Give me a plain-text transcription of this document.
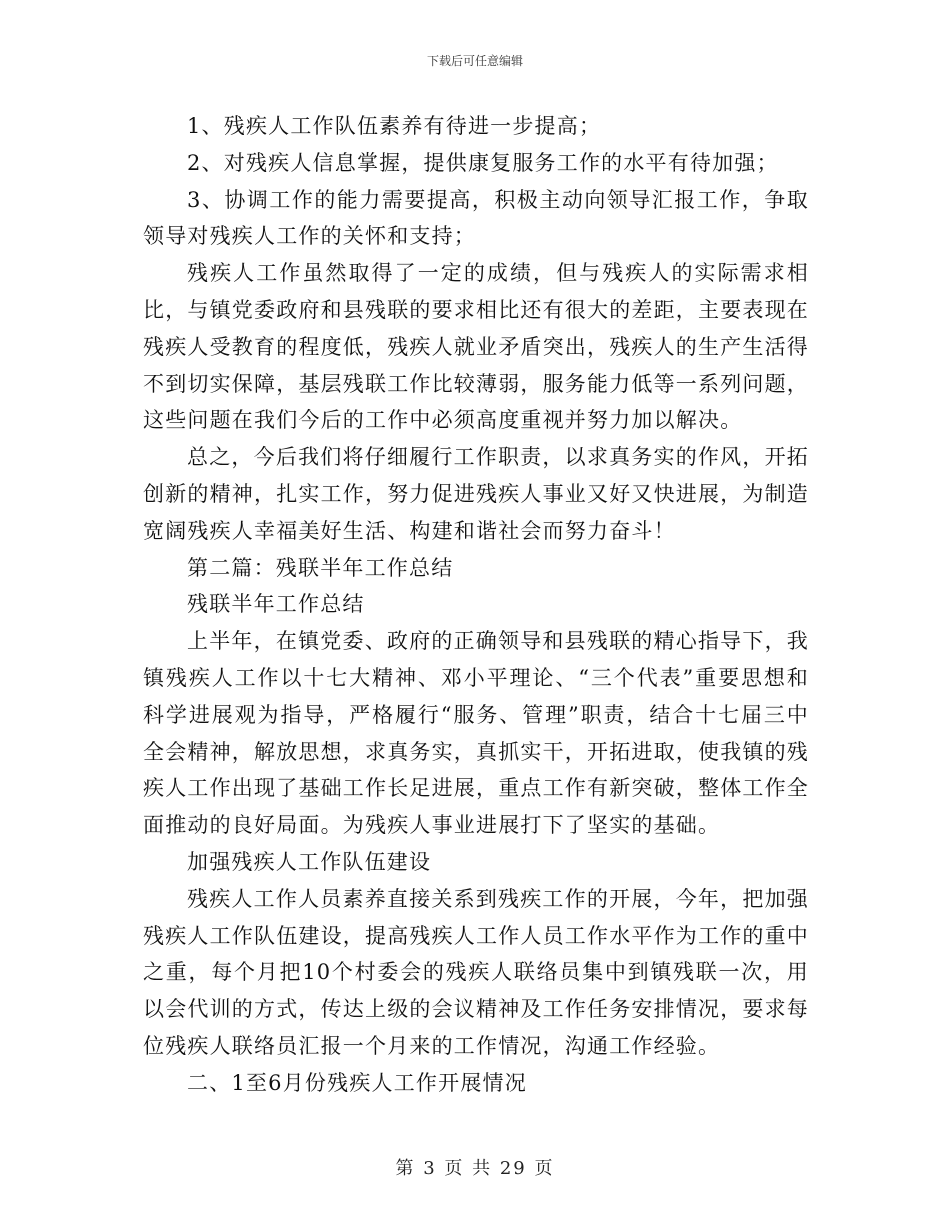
下载后可任意编辑

1、残疾人工作队伍素养有待进一步提高；

2、对残疾人信息掌握，提供康复服务工作的水平有待加强；

3、协调工作的能力需要提高，积极主动向领导汇报工作，争取领导对残疾人工作的关怀和支持；

残疾人工作虽然取得了一定的成绩，但与残疾人的实际需求相比，与镇党委政府和县残联的要求相比还有很大的差距，主要表现在残疾人受教育的程度低，残疾人就业矛盾突出，残疾人的生产生活得不到切实保障，基层残联工作比较薄弱，服务能力低等一系列问题，这些问题在我们今后的工作中必须高度重视并努力加以解决。

总之，今后我们将仔细履行工作职责，以求真务实的作风，开拓创新的精神，扎实工作，努力促进残疾人事业又好又快进展，为制造宽阔残疾人幸福美好生活、构建和谐社会而努力奋斗！

第二篇：残联半年工作总结

残联半年工作总结

上半年，在镇党委、政府的正确领导和县残联的精心指导下，我镇残疾人工作以十七大精神、邓小平理论、“三个代表”重要思想和科学进展观为指导，严格履行“服务、管理”职责，结合十七届三中全会精神，解放思想，求真务实，真抓实干，开拓进取，使我镇的残疾人工作出现了基础工作长足进展，重点工作有新突破，整体工作全面推动的良好局面。为残疾人事业进展打下了坚实的基础。

加强残疾人工作队伍建设

残疾人工作人员素养直接关系到残疾工作的开展，今年，把加强残疾人工作队伍建设，提高残疾人工作人员工作水平作为工作的重中之重，每个月把10个村委会的残疾人联络员集中到镇残联一次，用以会代训的方式，传达上级的会议精神及工作任务安排情况，要求每位残疾人联络员汇报一个月来的工作情况，沟通工作经验。

二、1至6月份残疾人工作开展情况

第 3 页 共 29 页
